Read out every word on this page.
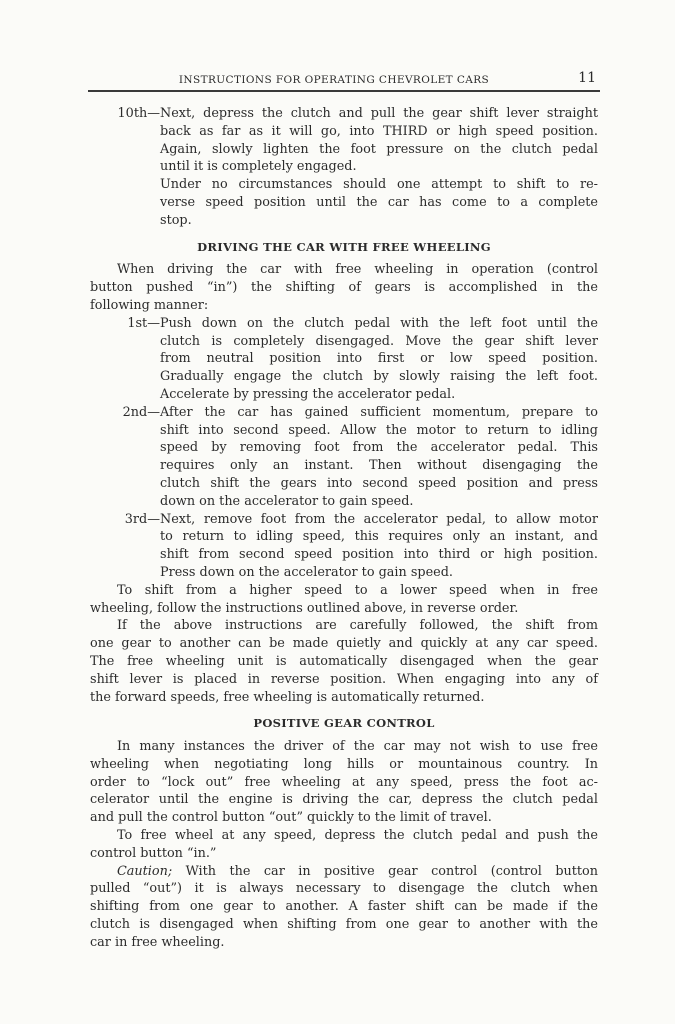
INSTRUCTIONS FOR OPERATING CHEVROLET CARS	11
10th— Next, depress the clutch and pull the gear shift lever straight
back as far as it will go, into THIRD or high speed position.
Again, slowly lighten the foot pressure on the clutch pedal
until it is completely engaged.
Under no circumstances should one attempt to shift to re-
verse speed position until the car has come to a complete
stop.
DRIVING THE CAR WITH FREE WHEELING
When driving the car with free wheeling in operation (control
button pushed “in”) the shifting of gears is accomplished in the
following manner:
1st— Push down on the clutch pedal with the left foot until the
clutch is completely disengaged. Move the gear shift lever
from neutral position into first or low speed position.
Gradually engage the clutch by slowly raising the left foot.
Accelerate by pressing the accelerator pedal.
2nd— After the car has gained sufficient momentum, prepare to
shift into second speed. Allow the motor to return to idling
speed by removing foot from the accelerator pedal. This
requires only an instant. Then without disengaging the
clutch shift the gears into second speed position and press
down on the accelerator to gain speed.
3rd— Next, remove foot from the accelerator pedal, to allow motor
to return to idling speed, this requires only an instant, and
shift from second speed position into third or high position.
Press down on the accelerator to gain speed.
To shift from a higher speed to a lower speed when in free
wheeling, follow the instructions outlined above, in reverse order.
If the above instructions are carefully followed, the shift from
one gear to another can be made quietly and quickly at any car speed.
The free wheeling unit is automatically disengaged when the gear
shift lever is placed in reverse position. When engaging into any of
the forward speeds, free wheeling is automatically returned.
POSITIVE GEAR CONTROL
In many instances the driver of the car may not wish to use free
wheeling when negotiating long hills or mountainous country. In
order to “lock out” free wheeling at any speed, press the foot ac-
celerator until the engine is driving the car, depress the clutch pedal
and pull the control button “out” quickly to the limit of travel.
To free wheel at any speed, depress the clutch pedal and push the
control button “in.”
Caution; With the car in positive gear control (control button
pulled “out”) it is always necessary to disengage the clutch when
shifting from one gear to another. A faster shift can be made if the
clutch is disengaged when shifting from one gear to another with the
car in free wheeling.
